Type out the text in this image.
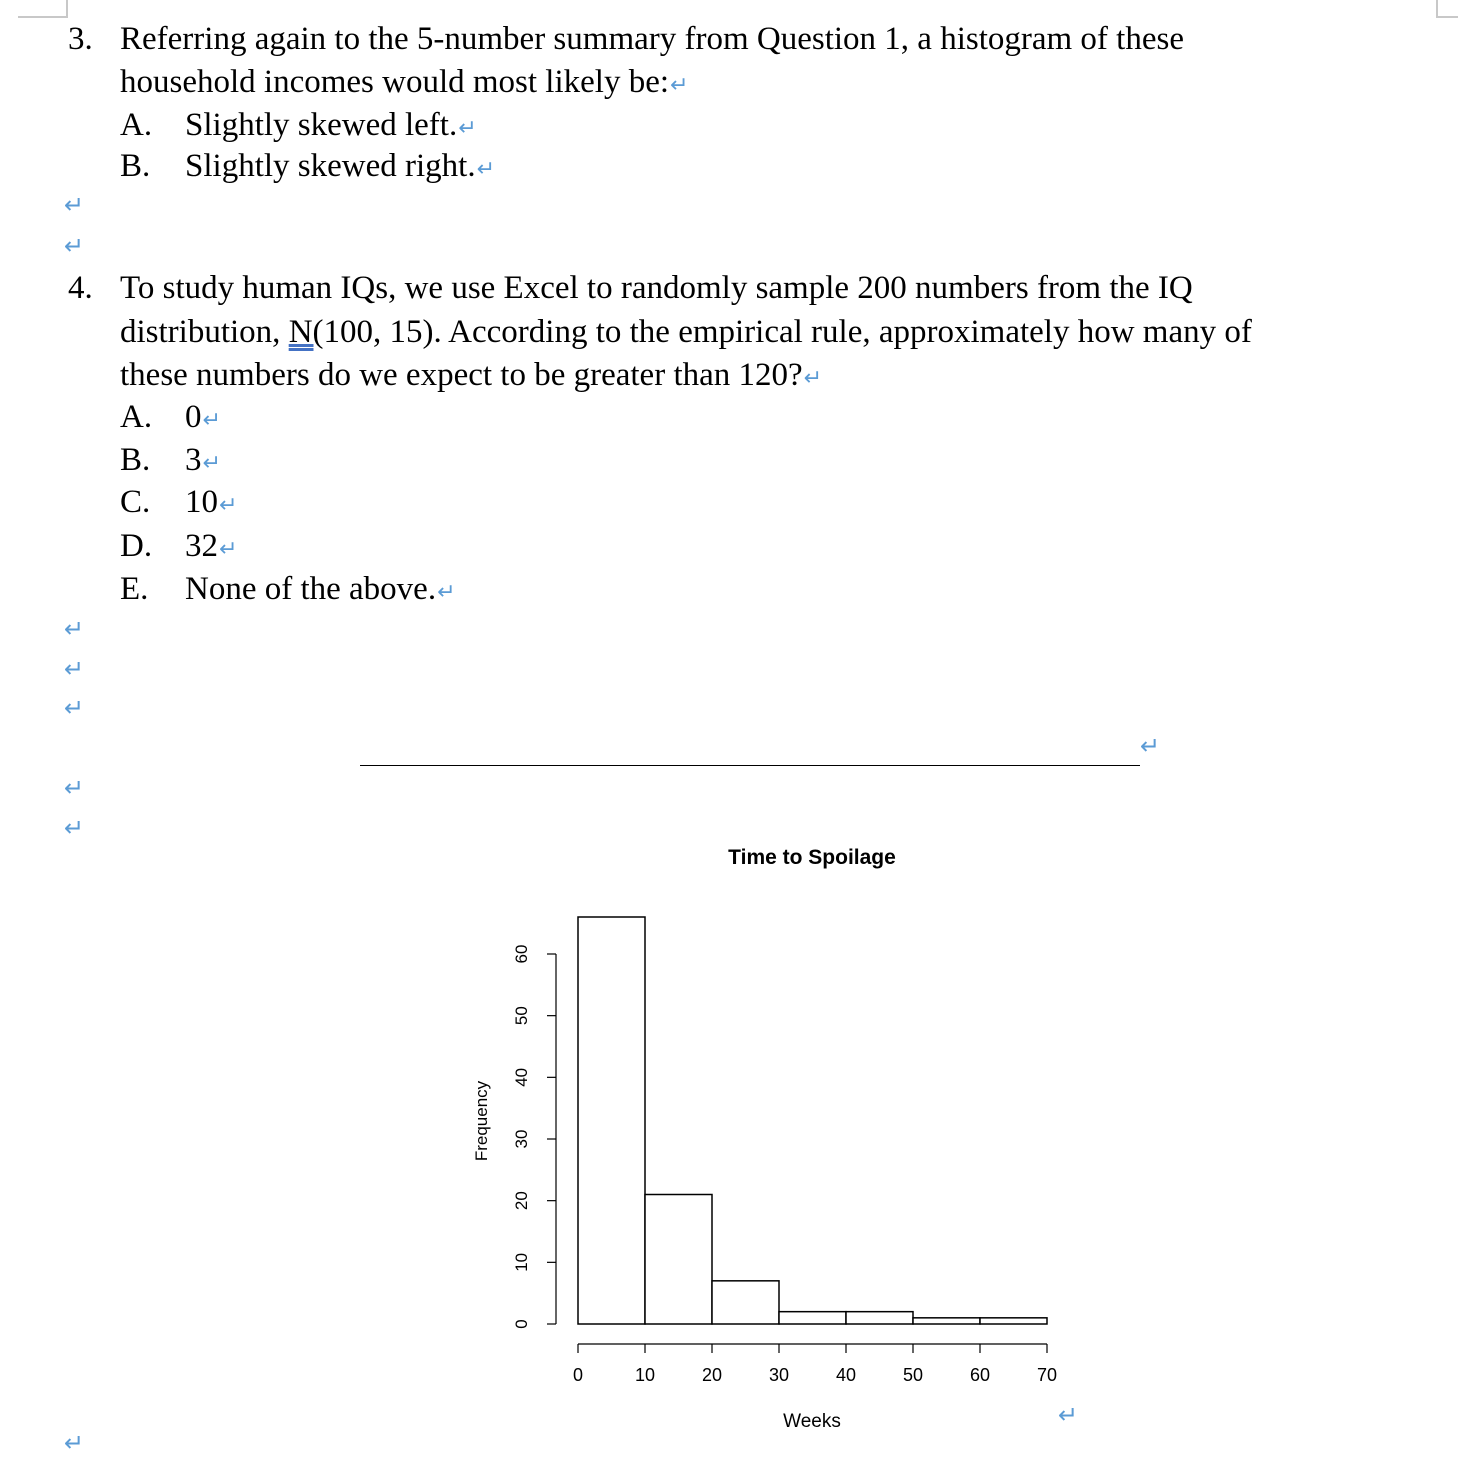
3. Referring again to the 5-number summary from Question 1, a histogram of these
household incomes would most likely be:↵
A. Slightly skewed left.↵
B. Slightly skewed right.↵
↵
↵
4. To study human IQs, we use Excel to randomly sample 200 numbers from the IQ
distribution, N(100, 15). According to the empirical rule, approximately how many of
these numbers do we expect to be greater than 120?↵
A. 0↵
B. 3↵
C. 10↵
D. 32↵
E. None of the above.↵
↵
↵
↵
↵
↵
↵
Time to Spoilage
Weeks
Frequency
0
10
20
30
40
50
60
0	10	20	30	40	50	60	70
↵
↵
